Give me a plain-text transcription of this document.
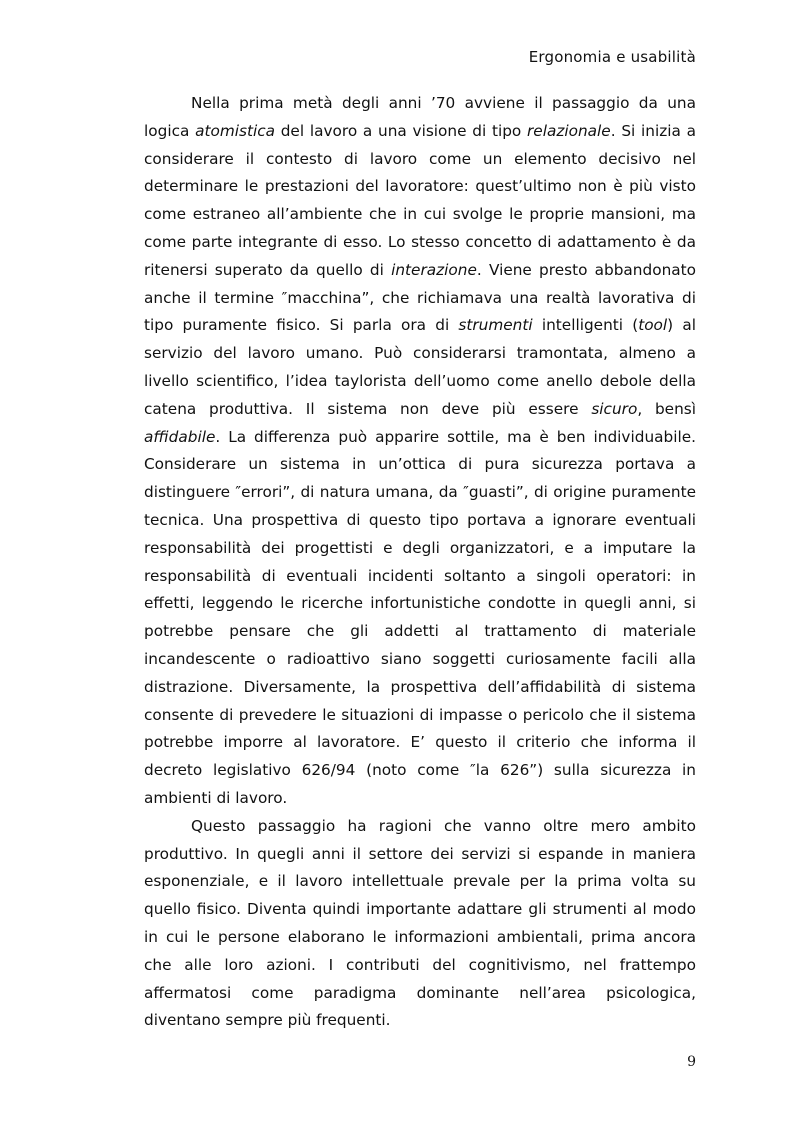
Ergonomia e usabilità

Nella prima metà degli anni ’70 avviene il passaggio da una logica atomistica del lavoro a una visione di tipo relazionale. Si inizia a considerare il contesto di lavoro come un elemento decisivo nel determinare le prestazioni del lavoratore: quest’ultimo non è più visto come estraneo all’ambiente che in cui svolge le proprie mansioni, ma come parte integrante di esso. Lo stesso concetto di adattamento è da ritenersi superato da quello di interazione. Viene presto abbandonato anche il termine ″macchina”, che richiamava una realtà lavorativa di tipo puramente fisico. Si parla ora di strumenti intelligenti (tool) al servizio del lavoro umano. Può considerarsi tramontata, almeno a livello scientifico, l’idea taylorista dell’uomo come anello debole della catena produttiva. Il sistema non deve più essere sicuro, bensì affidabile. La differenza può apparire sottile, ma è ben individuabile. Considerare un sistema in un’ottica di pura sicurezza portava a distinguere ″errori”, di natura umana, da ″guasti”, di origine puramente tecnica. Una prospettiva di questo tipo portava a ignorare eventuali responsabilità dei progettisti e degli organizzatori, e a imputare la responsabilità di eventuali incidenti soltanto a singoli operatori: in effetti, leggendo le ricerche infortunistiche condotte in quegli anni, si potrebbe pensare che gli addetti al trattamento di materiale incandescente o radioattivo siano soggetti curiosamente facili alla distrazione. Diversamente, la prospettiva dell’affidabilità di sistema consente di prevedere le situazioni di impasse o pericolo che il sistema potrebbe imporre al lavoratore. E’ questo il criterio che informa il decreto legislativo 626/94 (noto come ″la 626”) sulla sicurezza in ambienti di lavoro.

Questo passaggio ha ragioni che vanno oltre mero ambito produttivo. In quegli anni il settore dei servizi si espande in maniera esponenziale, e il lavoro intellettuale prevale per la prima volta su quello fisico. Diventa quindi importante adattare gli strumenti al modo in cui le persone elaborano le informazioni ambientali, prima ancora che alle loro azioni. I contributi del cognitivismo, nel frattempo affermatosi come paradigma dominante nell’area psicologica, diventano sempre più frequenti.

9
